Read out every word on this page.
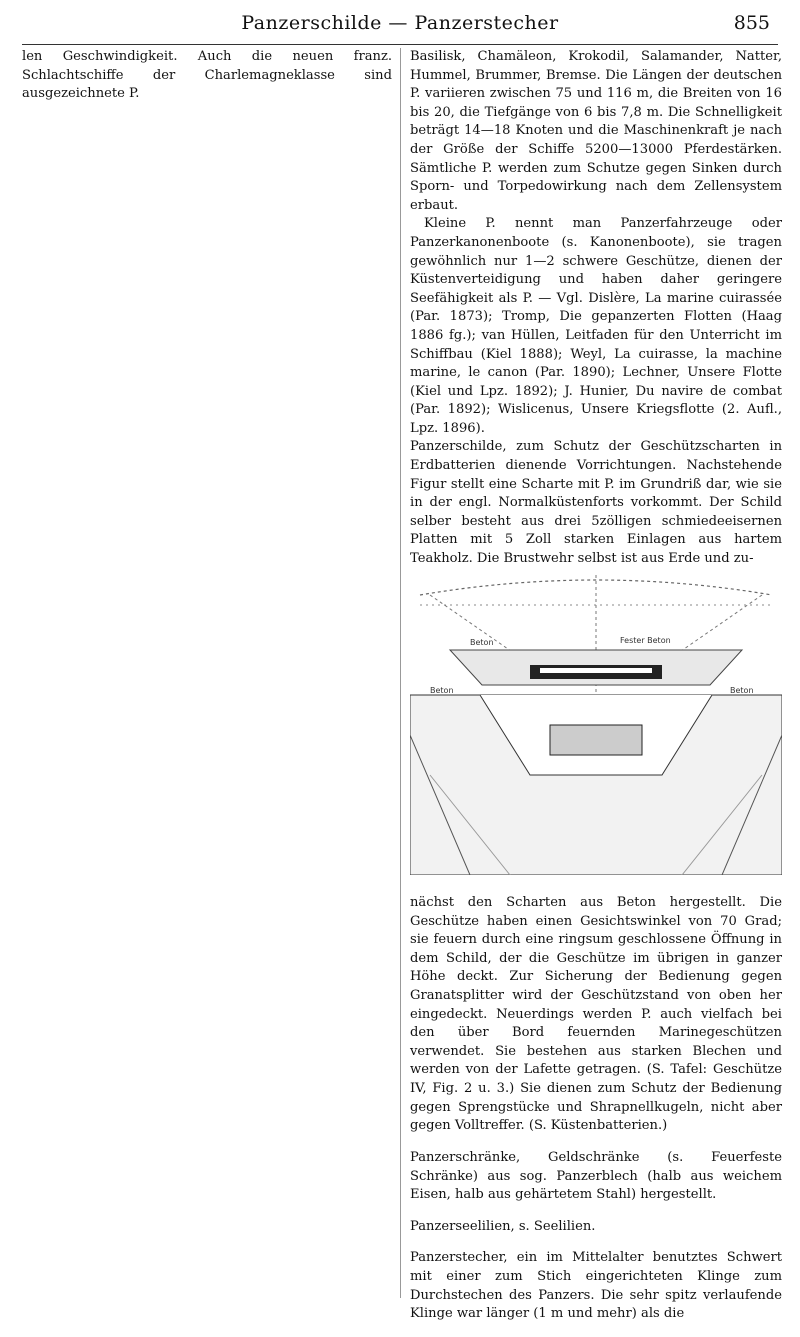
Panzerschilde — Panzerstecher	855

len Geschwindigkeit. Auch die neuen franz. Schlachtschiffe der Charlemagneklasse sind ausgezeichnete P.

Basilisk, Chamäleon, Krokodil, Salamander, Natter, Hummel, Brummer, Bremse. Die Längen der deutschen P. variieren zwischen 75 und 116 m, die Breiten von 16 bis 20, die Tiefgänge von 6 bis 7,8 m. Die Schnelligkeit beträgt 14—18 Knoten und die Maschinenkraft je nach der Größe der Schiffe 5200—13000 Pferdestärken. Sämtliche P. werden zum Schutze gegen Sinken durch Sporn- und Torpedowirkung nach dem Zellensystem erbaut.

Kleine P. nennt man Panzerfahrzeuge oder Panzerkanonenboote (s. Kanonenboote), sie tragen gewöhnlich nur 1—2 schwere Geschütze, dienen der Küstenverteidigung und haben daher geringere Seefähigkeit als P. — Vgl. Dislère, La marine cuirassée (Par. 1873); Tromp, Die gepanzerten Flotten (Haag 1886 fg.); van Hüllen, Leitfaden für den Unterricht im Schiffbau (Kiel 1888); Weyl, La cuirasse, la machine marine, le canon (Par. 1890); Lechner, Unsere Flotte (Kiel und Lpz. 1892); J. Hunier, Du navire de combat (Par. 1892); Wislicenus, Unsere Kriegsflotte (2. Aufl., Lpz. 1896).

Panzerschilde, zum Schutz der Geschützscharten in Erdbatterien dienende Vorrichtungen. Nachstehende Figur stellt eine Scharte mit P. im Grundriß dar, wie sie in der engl. Normalküstenforts vorkommt. Der Schild selber besteht aus drei 5zölligen schmiedeeisernen Platten mit 5 Zoll starken Einlagen aus hartem Teakholz. Die Brustwehr selbst ist aus Erde und zu-

Beton	Fester Beton
Beton	Beton

nächst den Scharten aus Beton hergestellt. Die Geschütze haben einen Gesichtswinkel von 70 Grad; sie feuern durch eine ringsum geschlossene Öffnung in dem Schild, der die Geschütze im übrigen in ganzer Höhe deckt. Zur Sicherung der Bedienung gegen Granatsplitter wird der Geschützstand von oben her eingedeckt. Neuerdings werden P. auch vielfach bei den über Bord feuernden Marinegeschützen verwendet. Sie bestehen aus starken Blechen und werden von der Lafette getragen. (S. Tafel: Geschütze IV, Fig. 2 u. 3.) Sie dienen zum Schutz der Bedienung gegen Sprengstücke und Shrapnellkugeln, nicht aber gegen Volltreffer. (S. Küstenbatterien.)

Panzerschränke, Geldschränke (s. Feuerfeste Schränke) aus sog. Panzerblech (halb aus weichem Eisen, halb aus gehärtetem Stahl) hergestellt.

Panzerseelilien, s. Seelilien.

Panzerstecher, ein im Mittelalter benutztes Schwert mit einer zum Stich eingerichteten Klinge zum Durchstechen des Panzers. Die sehr spitz verlaufende Klinge war länger (1 m und mehr) als die
